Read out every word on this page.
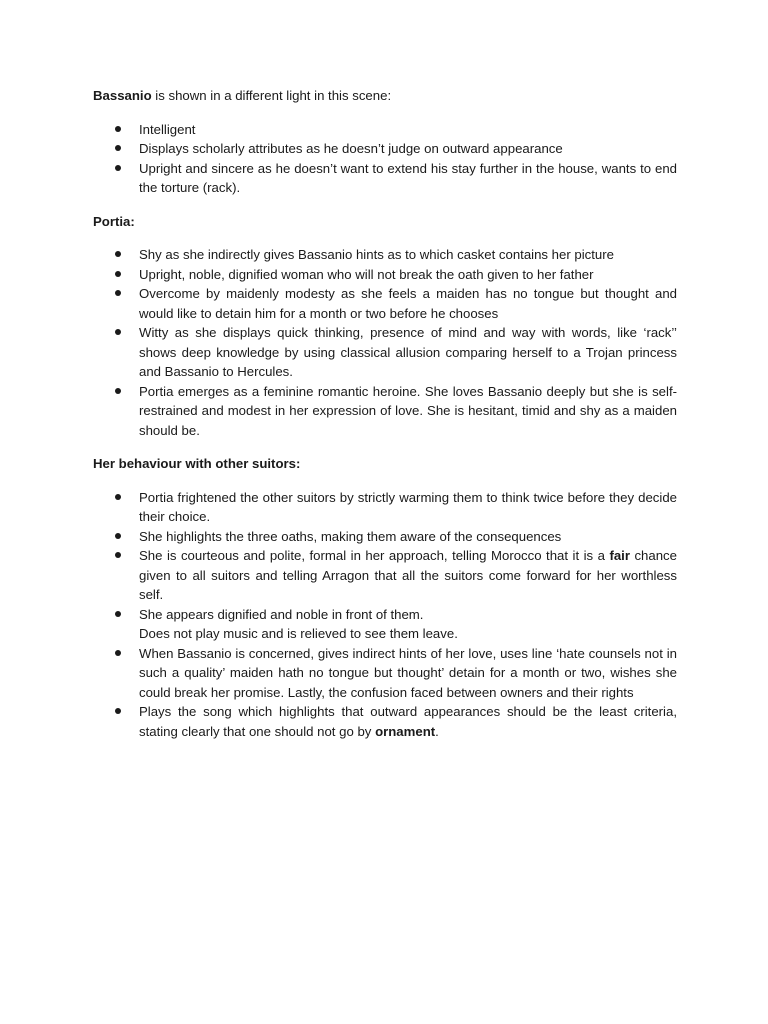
Bassanio is shown in a different light in this scene:

Intelligent
Displays scholarly attributes as he doesn’t judge on outward appearance
Upright and sincere as he doesn’t want to extend his stay further in the house, wants to end the torture (rack).

Portia:

Shy as she indirectly gives Bassanio hints as to which casket contains her picture
Upright, noble, dignified woman who will not break the oath given to her father
Overcome by maidenly modesty as she feels a maiden has no tongue but thought and would like to detain him for a month or two before he chooses
Witty as she displays quick thinking, presence of mind and way with words, like ‘rack’’ shows deep knowledge by using classical allusion comparing herself to a Trojan princess and Bassanio to Hercules.
Portia emerges as a feminine romantic heroine. She loves Bassanio deeply but she is self-restrained and modest in her expression of love. She is hesitant, timid and shy as a maiden should be.

Her behaviour with other suitors:

Portia frightened the other suitors by strictly warming them to think twice before they decide their choice.
She highlights the three oaths, making them aware of the consequences
She is courteous and polite, formal in her approach, telling Morocco that it is a fair chance given to all suitors and telling Arragon that all the suitors come forward for her worthless self.
She appears dignified and noble in front of them.
Does not play music and is relieved to see them leave.
When Bassanio is concerned, gives indirect hints of her love, uses line ‘hate counsels not in such a quality’ maiden hath no tongue but thought’ detain for a month or two, wishes she could break her promise. Lastly, the confusion faced between owners and their rights
Plays the song which highlights that outward appearances should be the least criteria, stating clearly that one should not go by ornament.
